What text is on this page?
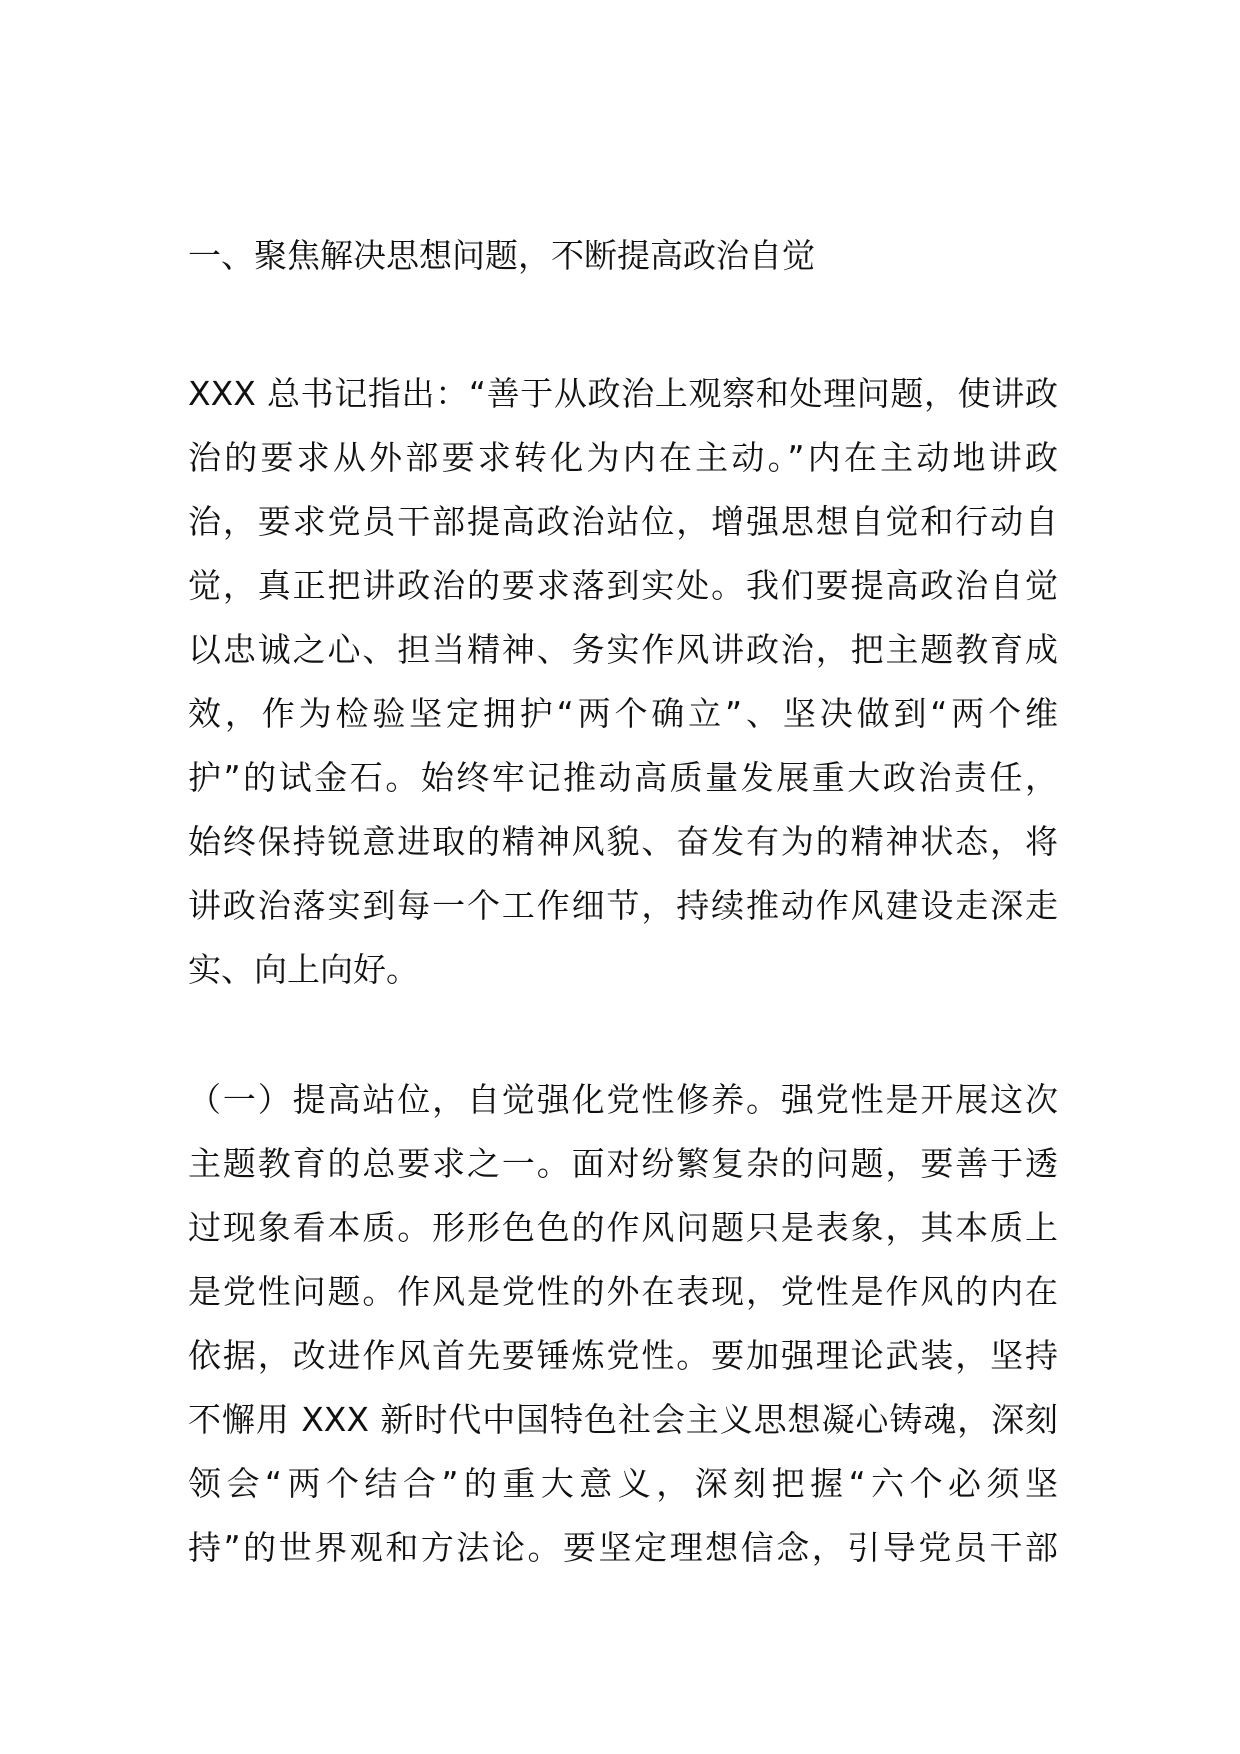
一、聚焦解决思想问题，不断提高政治自觉
XXX 总书记指出：“善于从政治上观察和处理问题，使讲政
治的要求从外部要求转化为内在主动。”内在主动地讲政
治，要求党员干部提高政治站位，增强思想自觉和行动自
觉，真正把讲政治的要求落到实处。我们要提高政治自觉
以忠诚之心、担当精神、务实作风讲政治，把主题教育成
效，作为检验坚定拥护“两个确立”、坚决做到“两个维
护”的试金石。始终牢记推动高质量发展重大政治责任，
始终保持锐意进取的精神风貌、奋发有为的精神状态，将
讲政治落实到每一个工作细节，持续推动作风建设走深走
实、向上向好。
（一）提高站位，自觉强化党性修养。强党性是开展这次
主题教育的总要求之一。面对纷繁复杂的问题，要善于透
过现象看本质。形形色色的作风问题只是表象，其本质上
是党性问题。作风是党性的外在表现，党性是作风的内在
依据，改进作风首先要锤炼党性。要加强理论武装，坚持
不懈用 XXX 新时代中国特色社会主义思想凝心铸魂，深刻
领会“两个结合”的重大意义，深刻把握“六个必须坚
持”的世界观和方法论。要坚定理想信念，引导党员干部
